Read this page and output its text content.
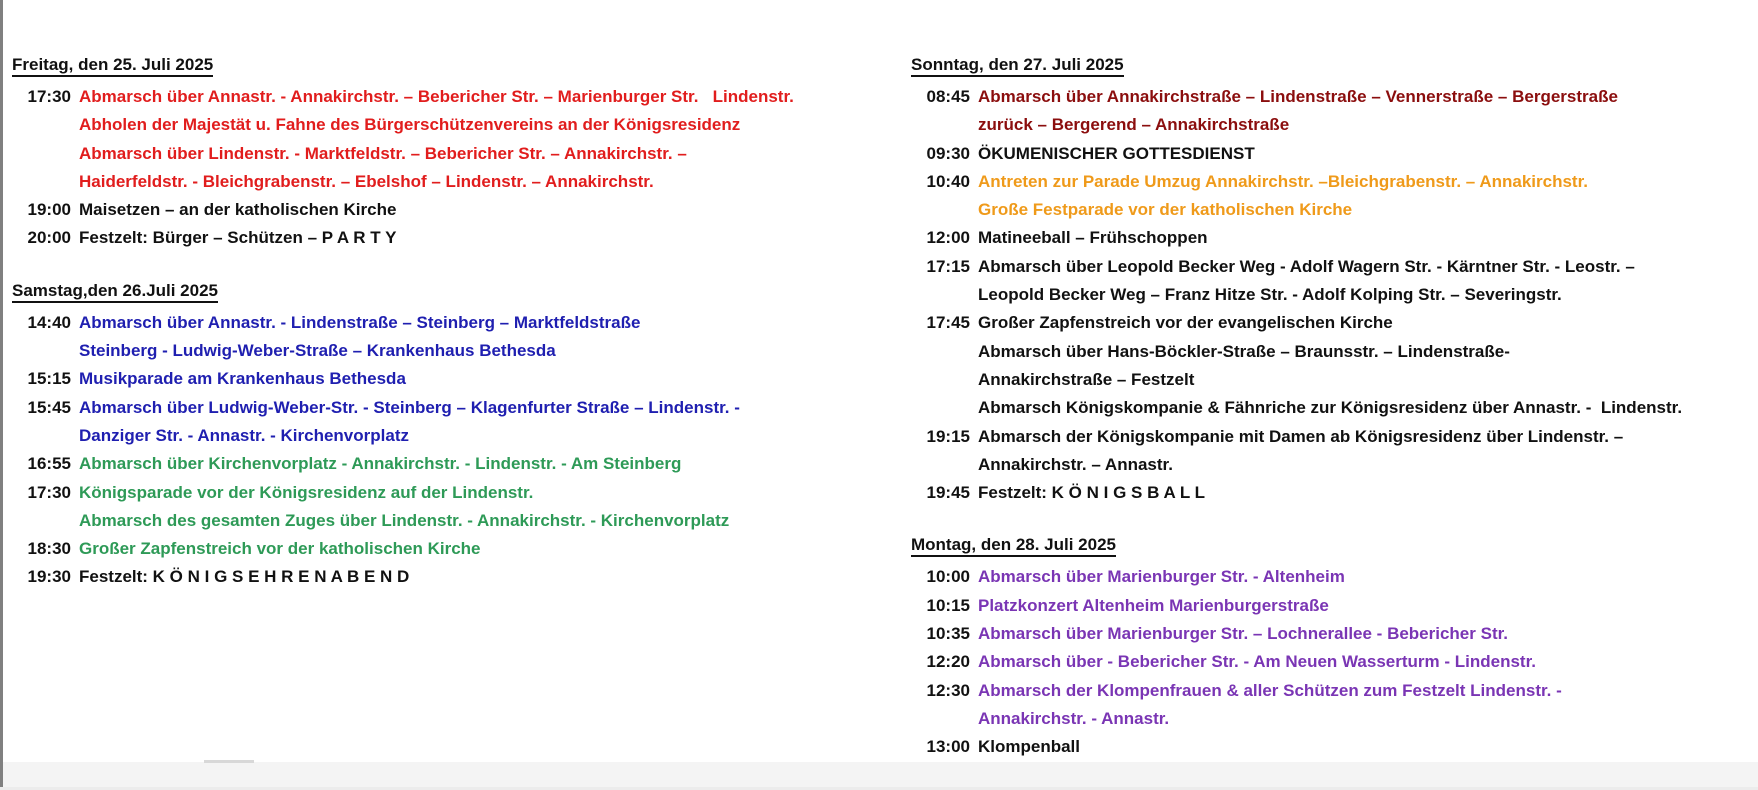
Freitag, den 25. Juli 2025
17:30 Abmarsch über Annastr. - Annakirchstr. – Bebericher Str. – Marienburger Str.   Lindenstr.
Abholen der Majestät u. Fahne des Bürgerschützenvereins an der Königsresidenz
Abmarsch über Lindenstr. - Marktfeldstr. – Bebericher Str. – Annakirchstr. –
Haiderfeldstr. - Bleichgrabenstr. – Ebelshof – Lindenstr. – Annakirchstr.
19:00 Maisetzen – an der katholischen Kirche
20:00 Festzelt: Bürger – Schützen – P A R T Y
Samstag,den 26.Juli 2025
14:40 Abmarsch über Annastr. - Lindenstraße – Steinberg – Marktfeldstraße
Steinberg - Ludwig-Weber-Straße – Krankenhaus Bethesda
15:15 Musikparade am Krankenhaus Bethesda
15:45 Abmarsch über Ludwig-Weber-Str. - Steinberg – Klagenfurter Straße – Lindenstr. -
Danziger Str. - Annastr. - Kirchenvorplatz
16:55 Abmarsch über Kirchenvorplatz - Annakirchstr. - Lindenstr. - Am Steinberg
17:30 Königsparade vor der Königsresidenz auf der Lindenstr.
Abmarsch des gesamten Zuges über Lindenstr. - Annakirchstr. - Kirchenvorplatz
18:30 Großer Zapfenstreich vor der katholischen Kirche
19:30 Festzelt: K Ö N I G S E H R E N A B E N D
Sonntag, den 27. Juli 2025
08:45 Abmarsch über Annakirchstraße – Lindenstraße – Vennerstraße – Bergerstraße
zurück – Bergerend – Annakirchstraße
09:30 ÖKUMENISCHER GOTTESDIENST
10:40 Antreten zur Parade Umzug Annakirchstr. –Bleichgrabenstr. – Annakirchstr.
Große Festparade vor der katholischen Kirche
12:00 Matineeball – Frühschoppen
17:15 Abmarsch über Leopold Becker Weg - Adolf Wagern Str. - Kärntner Str. - Leostr. –
Leopold Becker Weg – Franz Hitze Str. - Adolf Kolping Str. – Severingstr.
17:45 Großer Zapfenstreich vor der evangelischen Kirche
Abmarsch über Hans-Böckler-Straße – Braunsstr. – Lindenstraße-
Annakirchstraße – Festzelt
Abmarsch Königskompanie & Fähnriche zur Königsresidenz über Annastr. -  Lindenstr.
19:15 Abmarsch der Königskompanie mit Damen ab Königsresidenz über Lindenstr. –
Annakirchstr. – Annastr.
19:45 Festzelt: K Ö N I G S B A L L
Montag, den 28. Juli 2025
10:00 Abmarsch über Marienburger Str. - Altenheim
10:15 Platzkonzert Altenheim Marienburgerstraße
10:35 Abmarsch über Marienburger Str. – Lochnerallee - Bebericher Str.
12:20 Abmarsch über - Bebericher Str. - Am Neuen Wasserturm - Lindenstr.
12:30 Abmarsch der Klompenfrauen & aller Schützen zum Festzelt Lindenstr. -
Annakirchstr. - Annastr.
13:00 Klompenball
